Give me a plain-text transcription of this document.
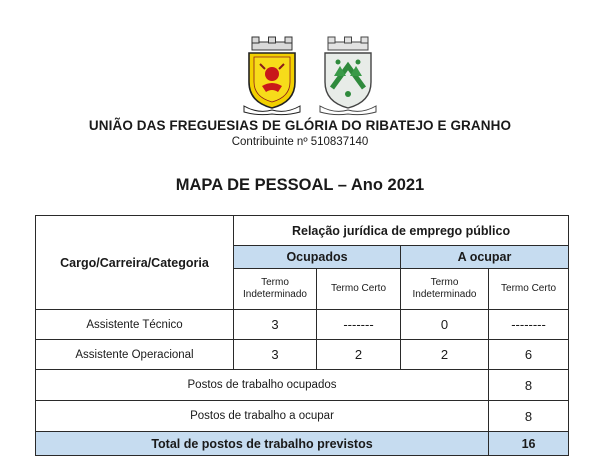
UNIÃO DAS FREGUESIAS DE GLÓRIA DO RIBATEJO E GRANHO
Contribuinte nº 510837140
MAPA DE PESSOAL – Ano 2021
Cargo/Carreira/Categoria	Relação jurídica de emprego público			
	Ocupados		A ocupar	
	Termo Indeterminado	Termo Certo	Termo Indeterminado	Termo Certo
Assistente Técnico	3	-------	0	--------
Assistente Operacional	3	2	2	6
Postos de trabalho ocupados				8
Postos de trabalho a ocupar				8
Total de postos de trabalho previstos				16
